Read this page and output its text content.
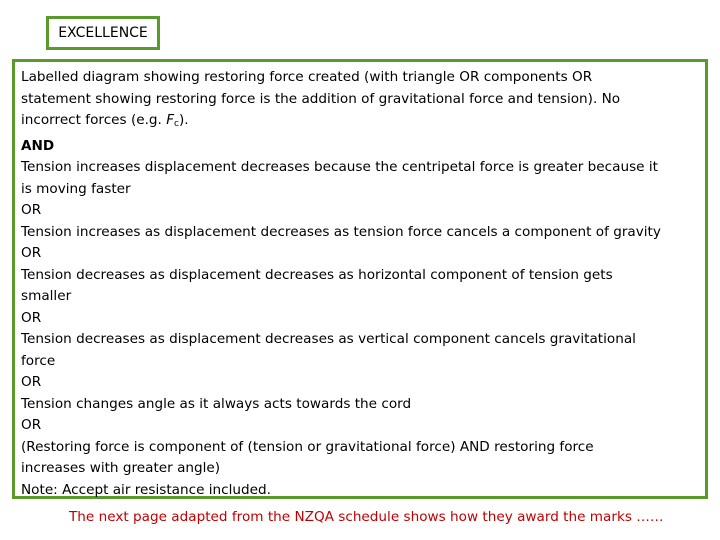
EXCELLENCE
Labelled diagram showing restoring force created (with triangle OR components OR
statement showing restoring force is the addition of gravitational force and tension). No
incorrect forces (e.g. $F_c$).
AND
Tension increases displacement decreases because the centripetal force is greater because it
is moving faster
OR
Tension increases as displacement decreases as tension force cancels a component of gravity
OR
Tension decreases as displacement decreases as horizontal component of tension gets
smaller
OR
Tension decreases as displacement decreases as vertical component cancels gravitational
force
OR
Tension changes angle as it always acts towards the cord
OR
(Restoring force is component of (tension or gravitational force) AND restoring force
increases with greater angle)
Note: Accept air resistance included.
The next page adapted from the NZQA schedule shows how they award the marks ……
